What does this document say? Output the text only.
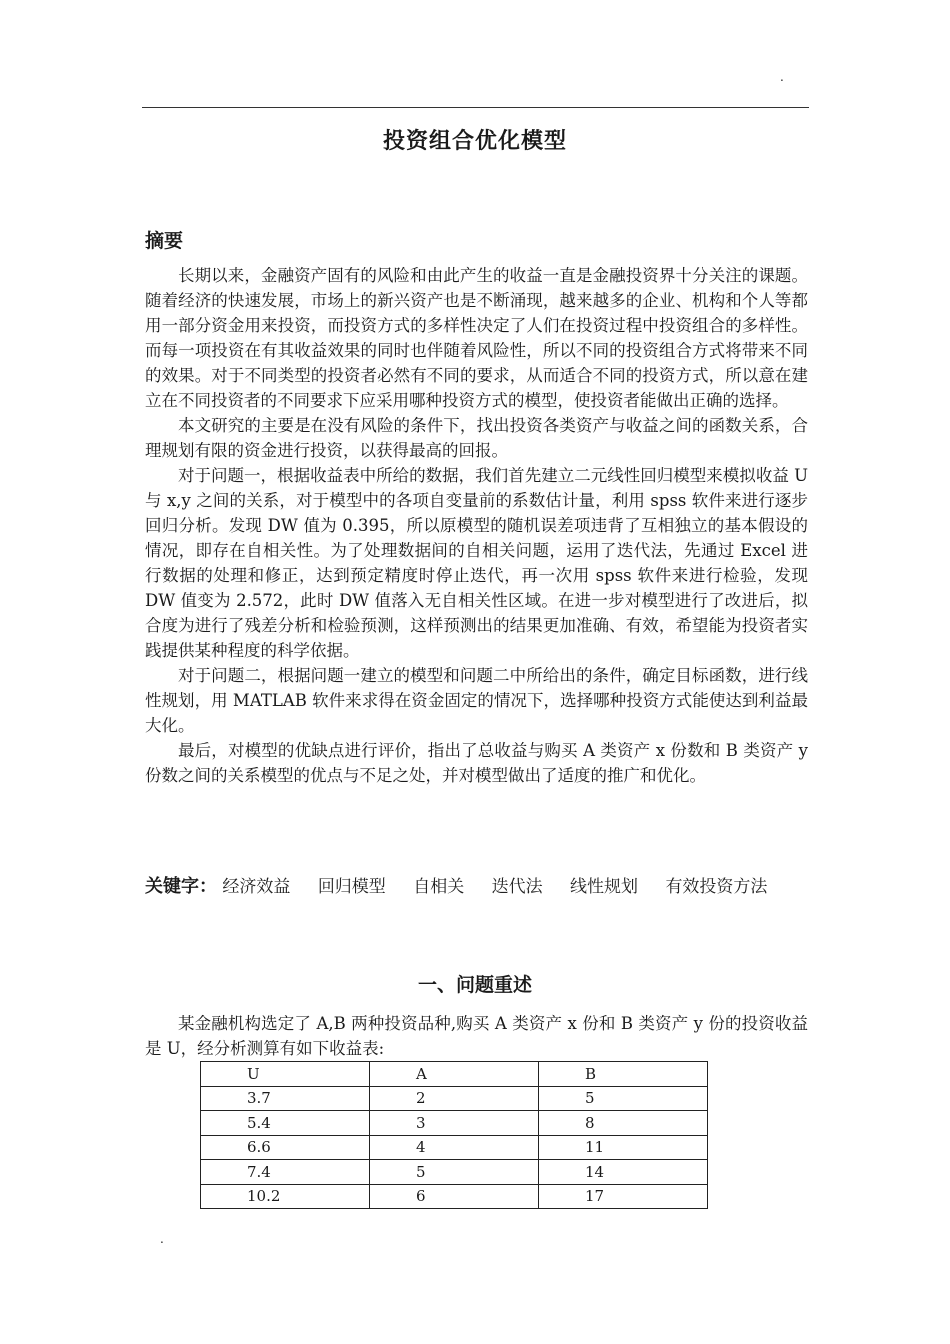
.
投资组合优化模型
摘要

长期以来，金融资产固有的风险和由此产生的收益一直是金融投资界十分关注的课题。随着经济的快速发展，市场上的新兴资产也是不断涌现，越来越多的企业、机构和个人等都用一部分资金用来投资，而投资方式的多样性决定了人们在投资过程中投资组合的多样性。而每一项投资在有其收益效果的同时也伴随着风险性，所以不同的投资组合方式将带来不同的效果。对于不同类型的投资者必然有不同的要求，从而适合不同的投资方式，所以意在建立在不同投资者的不同要求下应采用哪种投资方式的模型，使投资者能做出正确的选择。

本文研究的主要是在没有风险的条件下，找出投资各类资产与收益之间的函数关系，合理规划有限的资金进行投资，以获得最高的回报。

对于问题一，根据收益表中所给的数据，我们首先建立二元线性回归模型来模拟收益 U 与 x,y 之间的关系，对于模型中的各项自变量前的系数估计量，利用 spss 软件来进行逐步回归分析。发现 DW 值为 0.395，所以原模型的随机误差项违背了互相独立的基本假设的情况，即存在自相关性。为了处理数据间的自相关问题，运用了迭代法，先通过 Excel 进行数据的处理和修正，达到预定精度时停止迭代，再一次用 spss 软件来进行检验，发现 DW 值变为 2.572，此时 DW 值落入无自相关性区域。在进一步对模型进行了改进后，拟合度为进行了残差分析和检验预测，这样预测出的结果更加准确、有效，希望能为投资者实践提供某种程度的科学依据。

对于问题二，根据问题一建立的模型和问题二中所给出的条件，确定目标函数，进行线性规划，用 MATLAB 软件来求得在资金固定的情况下，选择哪种投资方式能使达到利益最大化。

最后，对模型的优缺点进行评价，指出了总收益与购买 A 类资产 x 份数和 B 类资产 y 份数之间的关系模型的优点与不足之处，并对模型做出了适度的推广和优化。

关键字： 经济效益 回归模型 自相关 迭代法 线性规划 有效投资方法
一、问题重述

某金融机构选定了 A,B 两种投资品种,购买 A 类资产 x 份和 B 类资产 y 份的投资收益是 U，经分析测算有如下收益表:

U	A	B
3.7	2	5
5.4	3	8
6.6	4	11
7.4	5	14
10.2	6	17
.
